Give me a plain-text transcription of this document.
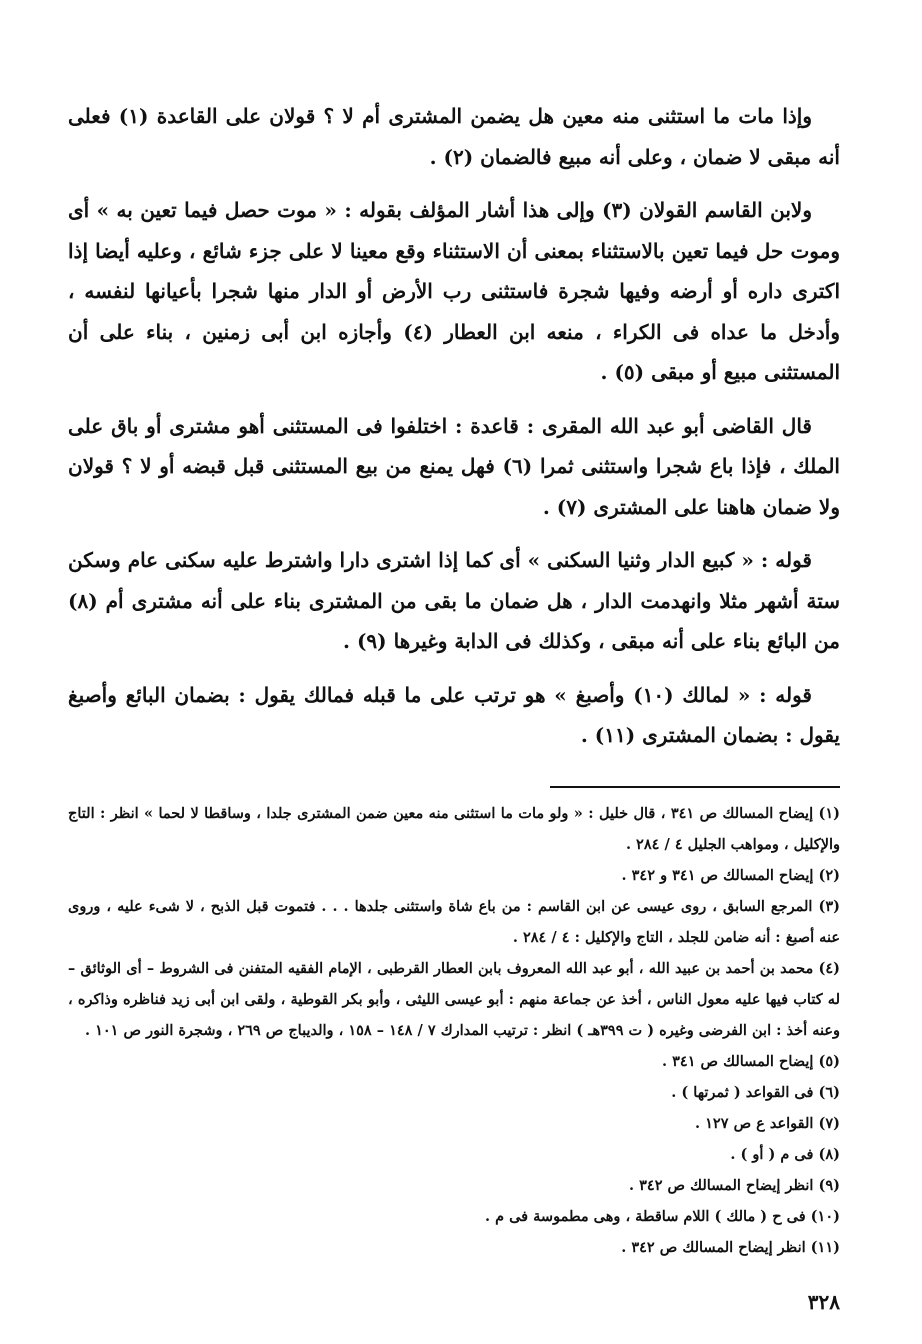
وإذا مات ما استثنى منه معين هل يضمن المشترى أم لا ؟ قولان على القاعدة (١) فعلى أنه مبقى لا ضمان ، وعلى أنه مبيع فالضمان (٢) .

ولابن القاسم القولان (٣) وإلى هذا أشار المؤلف بقوله : « موت حصل فيما تعين به » أى وموت حل فيما تعين بالاستثناء بمعنى أن الاستثناء وقع معينا لا على جزء شائع ، وعليه أيضا إذا اكترى داره أو أرضه وفيها شجرة فاستثنى رب الأرض أو الدار منها شجرا بأعيانها لنفسه ، وأدخل ما عداه فى الكراء ، منعه ابن العطار (٤) وأجازه ابن أبى زمنين ، بناء على أن المستثنى مبيع أو مبقى (٥) .

قال القاضى أبو عبد الله المقرى : قاعدة : اختلفوا فى المستثنى أهو مشترى أو باق على الملك ، فإذا باع شجرا واستثنى ثمرا (٦) فهل يمنع من بيع المستثنى قبل قبضه أو لا ؟ قولان ولا ضمان هاهنا على المشترى (٧) .

قوله : « كبيع الدار وثنيا السكنى » أى كما إذا اشترى دارا واشترط عليه سكنى عام وسكن ستة أشهر مثلا وانهدمت الدار ، هل ضمان ما بقى من المشترى بناء على أنه مشترى أم (٨) من البائع بناء على أنه مبقى ، وكذلك فى الدابة وغيرها (٩) .

قوله : « لمالك (١٠) وأصبغ » هو ترتب على ما قبله فمالك يقول : بضمان البائع وأصبغ يقول : بضمان المشترى (١١) .

(١) إيضاح المسالك ص ٣٤١ ، قال خليل : « ولو مات ما استثنى منه معين ضمن المشترى جلدا ، وساقطا لا لحما » انظر : التاج والإكليل ، ومواهب الجليل ٤ / ٢٨٤ .
(٢) إيضاح المسالك ص ٣٤١ و ٣٤٢ .
(٣) المرجع السابق ، روى عيسى عن ابن القاسم : من باع شاة واستثنى جلدها . . . فتموت قبل الذبح ، لا شىء عليه ، وروى عنه أصبغ : أنه ضامن للجلد ، التاج والإكليل : ٤ / ٢٨٤ .
(٤) محمد بن أحمد بن عبيد الله ، أبو عبد الله المعروف بابن العطار القرطبى ، الإمام الفقيه المتفنن فى الشروط – أى الوثائق – له كتاب فيها عليه معول الناس ، أخذ عن جماعة منهم : أبو عيسى الليثى ، وأبو بكر القوطية ، ولقى ابن أبى زيد فناظره وذاكره ، وعنه أخذ : ابن الفرضى وغيره ( ت ٣٩٩هـ ) انظر : ترتيب المدارك ٧ / ١٤٨ – ١٥٨ ، والديباج ص ٢٦٩ ، وشجرة النور ص ١٠١ .
(٥) إيضاح المسالك ص ٣٤١ .
(٦) فى القواعد ( ثمرتها ) .
(٧) القواعد ع ص ١٢٧ .
(٨) فى م ( أو ) .
(٩) انظر إيضاح المسالك ص ٣٤٢ .
(١٠) فى ح ( مالك ) اللام ساقطة ، وهى مطموسة فى م .
(١١) انظر إيضاح المسالك ص ٣٤٢ .
٣٢٨
